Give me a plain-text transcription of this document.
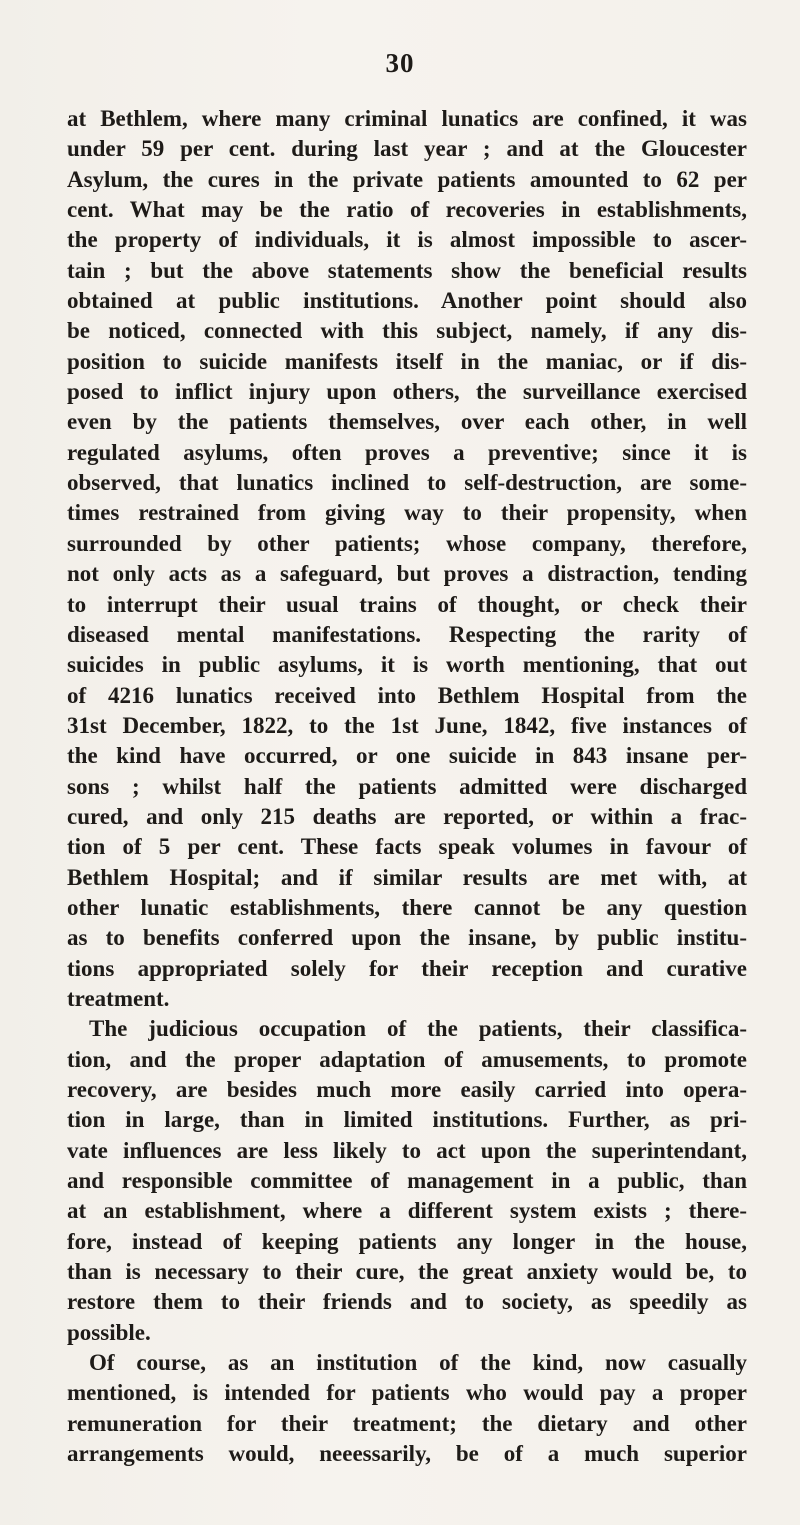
30
at Bethlem, where many criminal lunatics are confined, it was
under 59 per cent. during last year ; and at the Gloucester
Asylum, the cures in the private patients amounted to 62 per
cent. What may be the ratio of recoveries in establishments,
the property of individuals, it is almost impossible to ascer-
tain ; but the above statements show the beneficial results
obtained at public institutions. Another point should also
be noticed, connected with this subject, namely, if any dis-
position to suicide manifests itself in the maniac, or if dis-
posed to inflict injury upon others, the surveillance exercised
even by the patients themselves, over each other, in well
regulated asylums, often proves a preventive; since it is
observed, that lunatics inclined to self-destruction, are some-
times restrained from giving way to their propensity, when
surrounded by other patients; whose company, therefore,
not only acts as a safeguard, but proves a distraction, tending
to interrupt their usual trains of thought, or check their
diseased mental manifestations. Respecting the rarity of
suicides in public asylums, it is worth mentioning, that out
of 4216 lunatics received into Bethlem Hospital from the
31st December, 1822, to the 1st June, 1842, five instances of
the kind have occurred, or one suicide in 843 insane per-
sons ; whilst half the patients admitted were discharged
cured, and only 215 deaths are reported, or within a frac-
tion of 5 per cent. These facts speak volumes in favour of
Bethlem Hospital; and if similar results are met with, at
other lunatic establishments, there cannot be any question
as to benefits conferred upon the insane, by public institu-
tions appropriated solely for their reception and curative
treatment.
The judicious occupation of the patients, their classifica-
tion, and the proper adaptation of amusements, to promote
recovery, are besides much more easily carried into opera-
tion in large, than in limited institutions. Further, as pri-
vate influences are less likely to act upon the superintendant,
and responsible committee of management in a public, than
at an establishment, where a different system exists ; there-
fore, instead of keeping patients any longer in the house,
than is necessary to their cure, the great anxiety would be, to
restore them to their friends and to society, as speedily as
possible.
Of course, as an institution of the kind, now casually
mentioned, is intended for patients who would pay a proper
remuneration for their treatment; the dietary and other
arrangements would, neeessarily, be of a much superior
